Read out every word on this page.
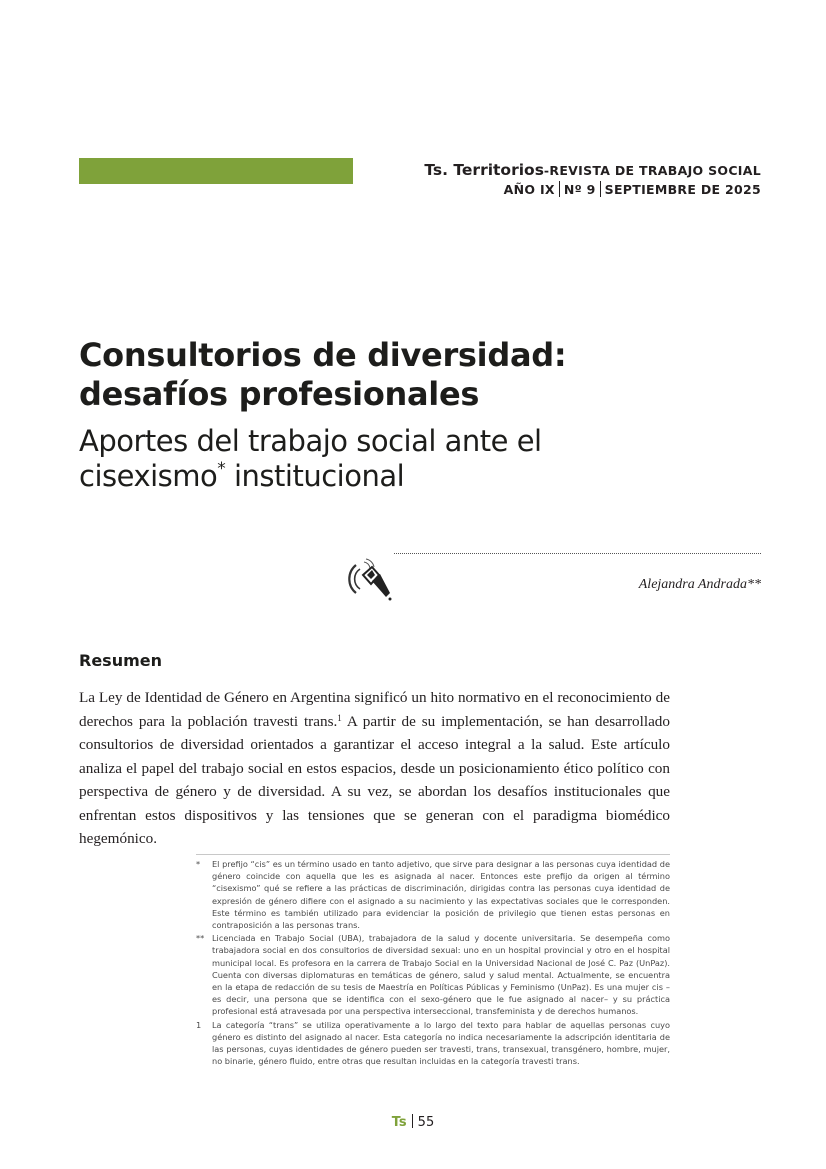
Ts. Territorios-REVISTA DE TRABAJO SOCIAL
AÑO IX Nº 9 SEPTIEMBRE DE 2025
Consultorios de diversidad:
desafíos profesionales
Aportes del trabajo social ante el
cisexismo* institucional
Alejandra Andrada**
Resumen

La Ley de Identidad de Género en Argentina significó un hito normativo en el reconocimiento de derechos para la población travesti trans.$^1$ A partir de su implementación, se han desarrollado consultorios de diversidad orientados a garantizar el acceso integral a la salud. Este artículo analiza el papel del trabajo social en estos espacios, desde un posicionamiento ético político con perspectiva de género y de diversidad. A su vez, se abordan los desafíos institucionales que enfrentan estos dispositivos y las tensiones que se generan con el paradigma biomédico hegemónico.

*	El prefijo “cis” es un término usado en tanto adjetivo, que sirve para designar a las personas cuya identidad de género coincide con aquella que les es asignada al nacer. Entonces este prefijo da origen al término “cisexismo” qué se refiere a las prácticas de discriminación, dirigidas contra las personas cuya identidad de expresión de género difiere con el asignado a su nacimiento y las expectativas sociales que le corresponden. Este término es también utilizado para evidenciar la posición de privilegio que tienen estas personas en contraposición a las personas trans.
** Licenciada en Trabajo Social (UBA), trabajadora de la salud y docente universitaria. Se desempeña como trabajadora social en dos consultorios de diversidad sexual: uno en un hospital provincial y otro en el hospital municipal local. Es profesora en la carrera de Trabajo Social en la Universidad Nacional de José C. Paz (UnPaz). Cuenta con diversas diplomaturas en temáticas de género, salud y salud mental. Actualmente, se encuentra en la etapa de redacción de su tesis de Maestría en Políticas Públicas y Feminismo (UnPaz). Es una mujer cis –es decir, una persona que se identifica con el sexo-género que le fue asignado al nacer– y su práctica profesional está atravesada por una perspectiva interseccional, transfeminista y de derechos humanos.
1	La categoría “trans” se utiliza operativamente a lo largo del texto para hablar de aquellas personas cuyo género es distinto del asignado al nacer. Esta categoría no indica necesariamente la adscripción identitaria de las personas, cuyas identidades de género pueden ser travesti, trans, transexual, transgénero, hombre, mujer, no binarie, género fluido, entre otras que resultan incluidas en la categoría travesti trans.
Ts 55
